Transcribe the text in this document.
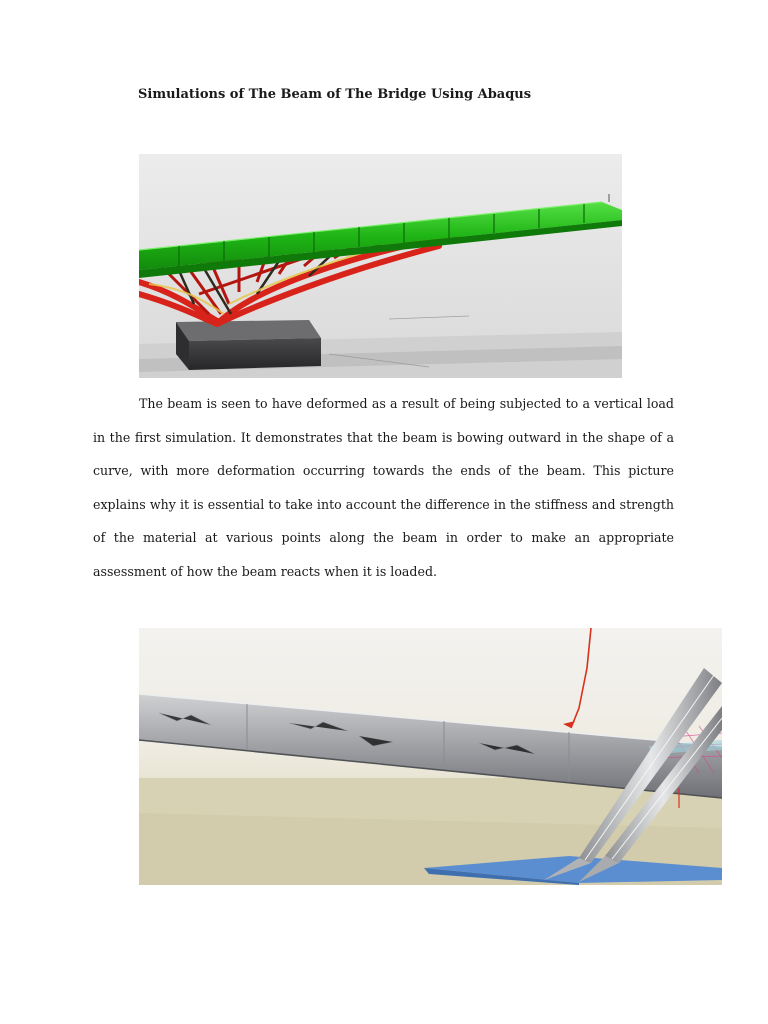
Simulations of The Beam of The Bridge Using Abaqus

The beam is seen to have deformed as a result of being subjected to a vertical load in the first simulation. It demonstrates that the beam is bowing outward in the shape of a curve, with more deformation occurring towards the ends of the beam. This picture explains why it is essential to take into account the difference in the stiffness and strength of the material at various points along the beam in order to make an appropriate assessment of how the beam reacts when it is loaded.
